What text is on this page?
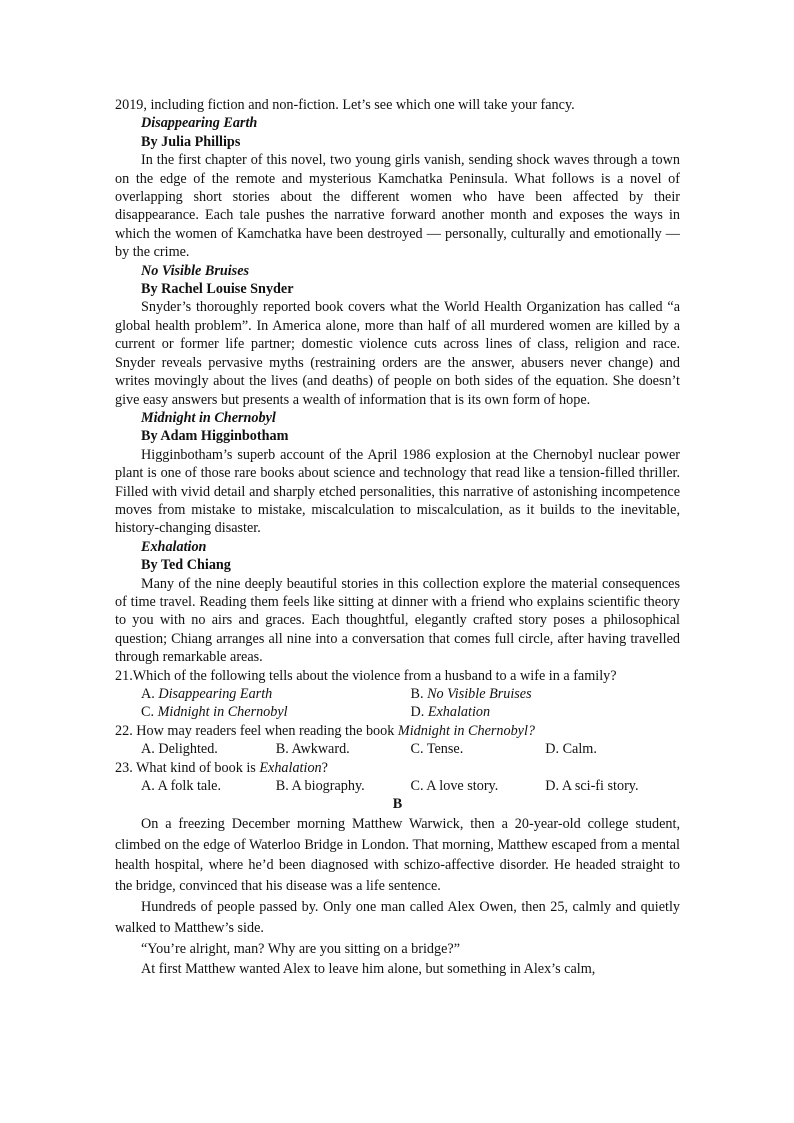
2019, including fiction and non-fiction. Let’s see which one will take your fancy.

Disappearing Earth
By Julia Phillips

In the first chapter of this novel, two young girls vanish, sending shock waves through a town on the edge of the remote and mysterious Kamchatka Peninsula. What follows is a novel of overlapping short stories about the different women who have been affected by their disappearance. Each tale pushes the narrative forward another month and exposes the ways in which the women of Kamchatka have been destroyed — personally, culturally and emotionally — by the crime.

No Visible Bruises
By Rachel Louise Snyder

Snyder’s thoroughly reported book covers what the World Health Organization has called “a global health problem”. In America alone, more than half of all murdered women are killed by a current or former life partner; domestic violence cuts across lines of class, religion and race. Snyder reveals pervasive myths (restraining orders are the answer, abusers never change) and writes movingly about the lives (and deaths) of people on both sides of the equation. She doesn’t give easy answers but presents a wealth of information that is its own form of hope.

Midnight in Chernobyl
By Adam Higginbotham

Higginbotham’s superb account of the April 1986 explosion at the Chernobyl nuclear power plant is one of those rare books about science and technology that read like a tension-filled thriller. Filled with vivid detail and sharply etched personalities, this narrative of astonishing incompetence moves from mistake to mistake, miscalculation to miscalculation, as it builds to the inevitable, history-changing disaster.

Exhalation
By Ted Chiang

Many of the nine deeply beautiful stories in this collection explore the material consequences of time travel. Reading them feels like sitting at dinner with a friend who explains scientific theory to you with no airs and graces. Each thoughtful, elegantly crafted story poses a philosophical question; Chiang arranges all nine into a conversation that comes full circle, after having travelled through remarkable areas.

21.Which of the following tells about the violence from a husband to a wife in a family?
A. Disappearing Earth	B. No Visible Bruises
C. Midnight in Chernobyl	D. Exhalation
22. How may readers feel when reading the book Midnight in Chernobyl?
A. Delighted.	B. Awkward.	C. Tense.	D. Calm.
23. What kind of book is Exhalation?
A. A folk tale.	B. A biography.	C. A love story.	D. A sci-fi story.
B

On a freezing December morning Matthew Warwick, then a 20-year-old college student, climbed on the edge of Waterloo Bridge in London. That morning, Matthew escaped from a mental health hospital, where he’d been diagnosed with schizo-affective disorder. He headed straight to the bridge, convinced that his disease was a life sentence.

Hundreds of people passed by. Only one man called Alex Owen, then 25, calmly and quietly walked to Matthew’s side.

“You’re alright, man? Why are you sitting on a bridge?”

At first Matthew wanted Alex to leave him alone, but something in Alex’s calm,
